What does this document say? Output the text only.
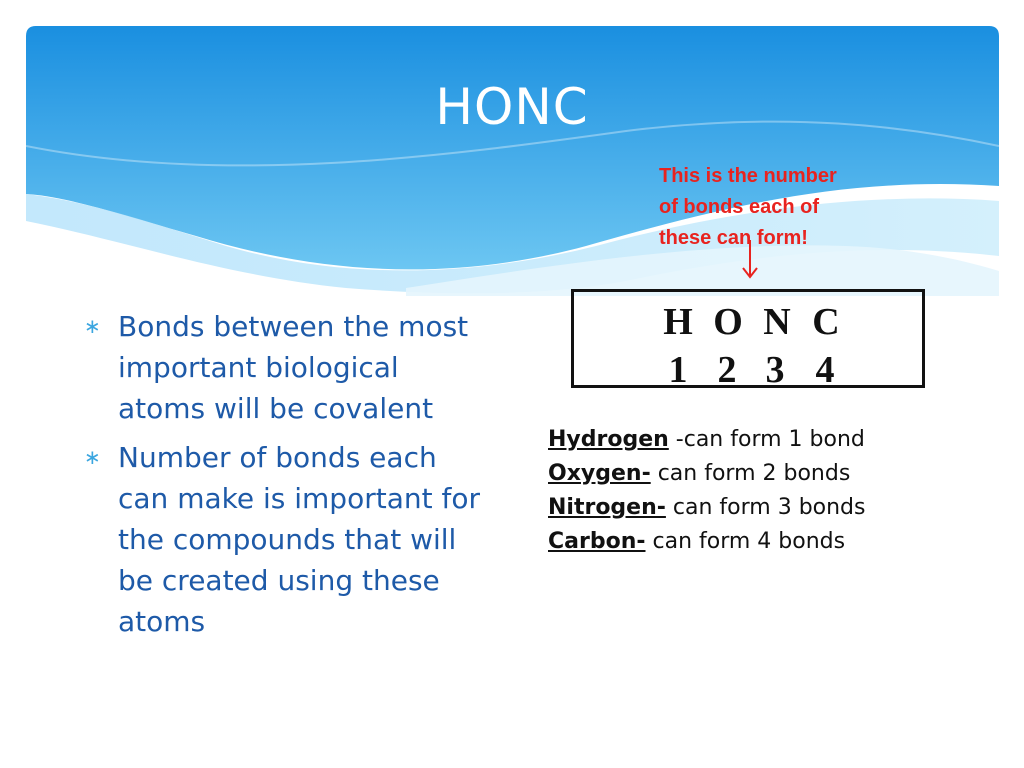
HONC
This is the number
of bonds each of
these can form!
∗ Bonds between the most
important biological
atoms will be covalent
∗ Number of bonds each
can make is important for
the compounds that will
be created using these
atoms
H O N C
1 2 3 4
Hydrogen -can form 1 bond
Oxygen- can form 2 bonds
Nitrogen- can form 3 bonds
Carbon- can form 4 bonds
